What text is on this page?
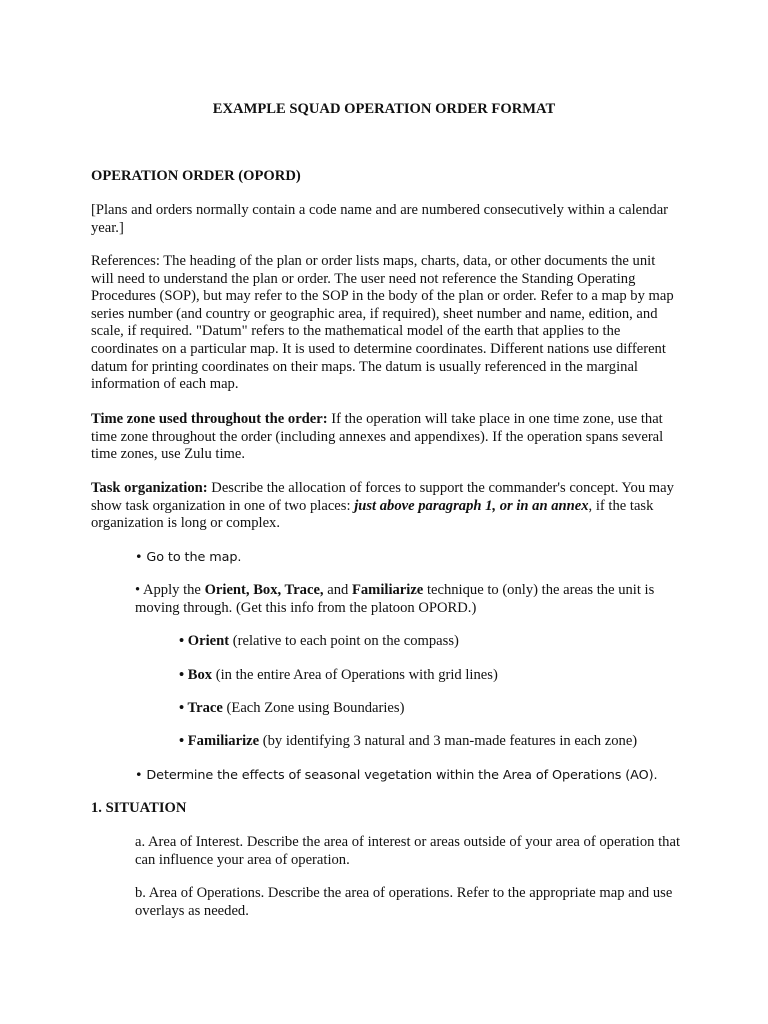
EXAMPLE SQUAD OPERATION ORDER FORMAT

OPERATION ORDER (OPORD)

[Plans and orders normally contain a code name and are numbered consecutively within a calendar year.]

References: The heading of the plan or order lists maps, charts, data, or other documents the unit will need to understand the plan or order. The user need not reference the Standing Operating Procedures (SOP), but may refer to the SOP in the body of the plan or order. Refer to a map by map series number (and country or geographic area, if required), sheet number and name, edition, and scale, if required. "Datum" refers to the mathematical model of the earth that applies to the coordinates on a particular map. It is used to determine coordinates. Different nations use different datum for printing coordinates on their maps. The datum is usually referenced in the marginal information of each map.

Time zone used throughout the order: If the operation will take place in one time zone, use that time zone throughout the order (including annexes and appendixes). If the operation spans several time zones, use Zulu time.

Task organization: Describe the allocation of forces to support the commander's concept. You may show task organization in one of two places: just above paragraph 1, or in an annex, if the task organization is long or complex.

• Go to the map.

• Apply the Orient, Box, Trace, and Familiarize technique to (only) the areas the unit is moving through. (Get this info from the platoon OPORD.)

• Orient (relative to each point on the compass)

• Box (in the entire Area of Operations with grid lines)

• Trace (Each Zone using Boundaries)

• Familiarize (by identifying 3 natural and 3 man-made features in each zone)

• Determine the effects of seasonal vegetation within the Area of Operations (AO).

1. SITUATION

a. Area of Interest. Describe the area of interest or areas outside of your area of operation that can influence your area of operation.

b. Area of Operations. Describe the area of operations. Refer to the appropriate map and use overlays as needed.
